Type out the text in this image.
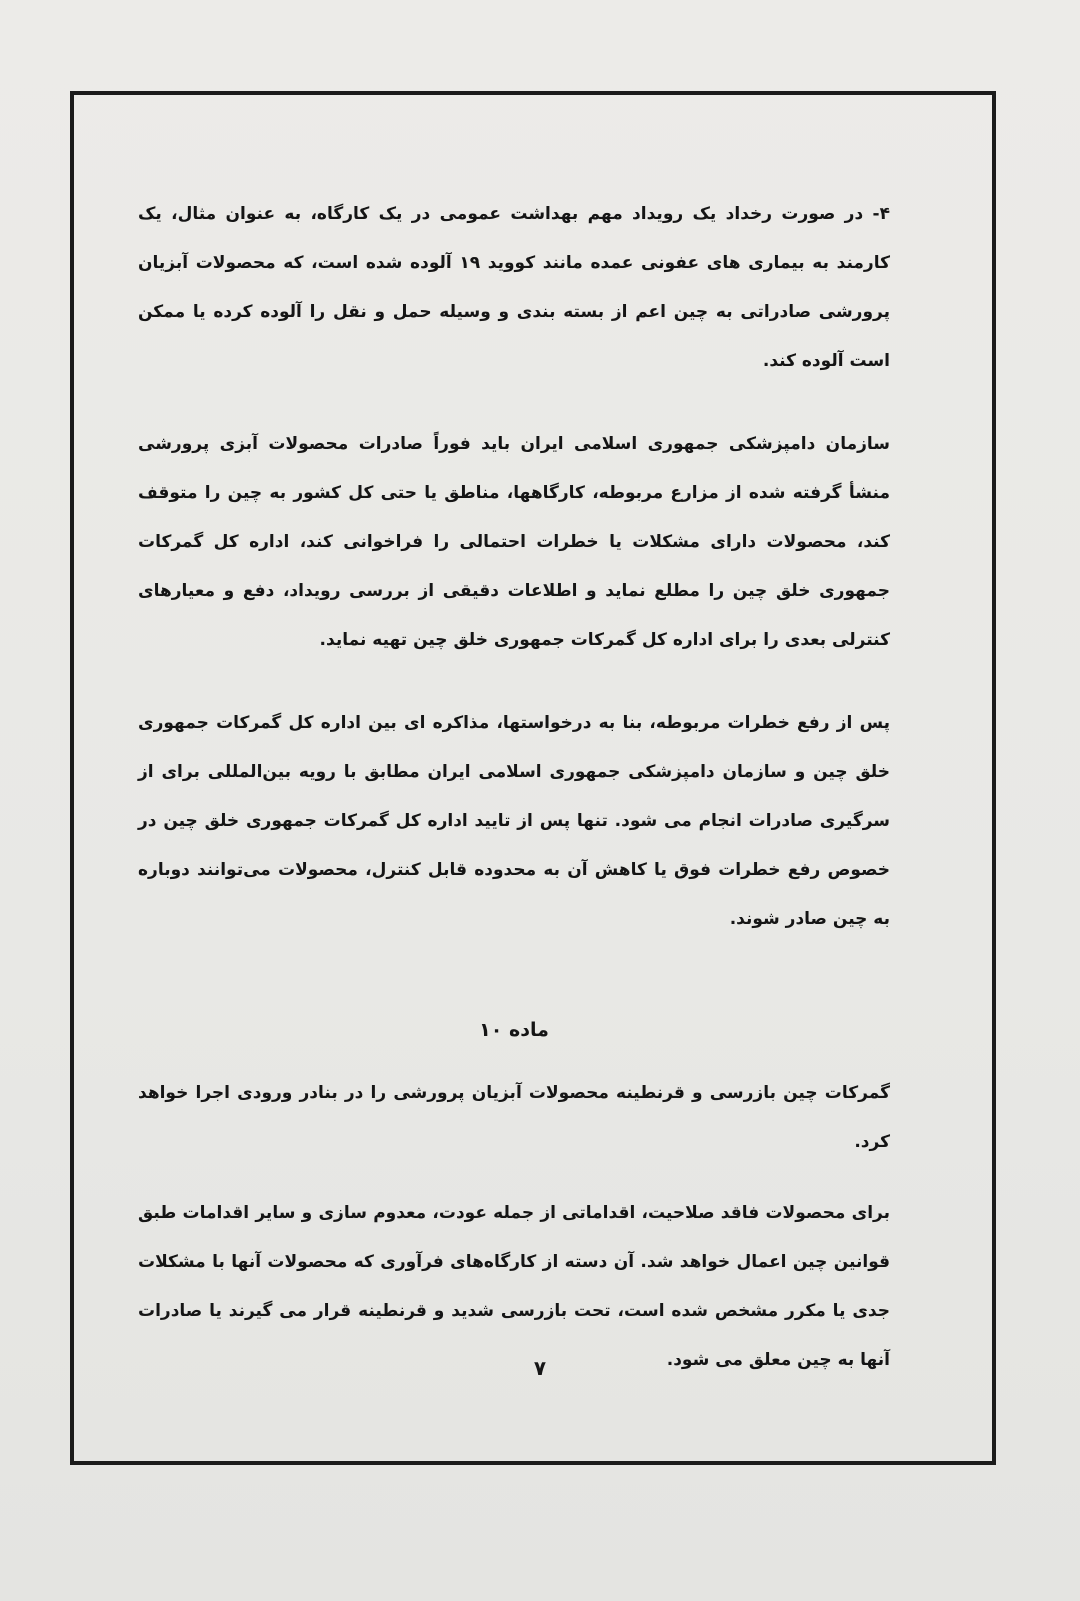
۴- در صورت رخداد یک رویداد مهم بهداشت عمومی در یک کارگاه، به عنوان مثال، یک کارمند به بیماری های عفونی عمده مانند کووید ۱۹ آلوده شده است، که محصولات آبزیان پرورشی صادراتی به چین اعم از بسته بندی و وسیله حمل و نقل را آلوده کرده یا ممکن است آلوده کند.

سازمان دامپزشکی جمهوری اسلامی ایران باید فوراً صادرات محصولات آبزی پرورشی منشأ گرفته شده از مزارع مربوطه، کارگاهها، مناطق یا حتی کل کشور به چین را متوقف کند، محصولات دارای مشکلات یا خطرات احتمالی را فراخوانی کند، اداره کل گمرکات جمهوری خلق چین را مطلع نماید و اطلاعات دقیقی از بررسی رویداد، دفع و معیارهای کنترلی بعدی را برای اداره کل گمرکات جمهوری خلق چین تهیه نماید.

پس از رفع خطرات مربوطه، بنا به درخواستها، مذاکره ای بین اداره کل گمرکات جمهوری خلق چین و سازمان دامپزشکی جمهوری اسلامی ایران مطابق با رویه بین‌المللی برای از سرگیری صادرات انجام می شود. تنها پس از تایید اداره کل گمرکات جمهوری خلق چین در خصوص رفع خطرات فوق یا کاهش آن به محدوده قابل کنترل، محصولات می‌توانند دوباره به چین صادر شوند.

ماده ۱۰

گمرکات چین بازرسی و قرنطینه محصولات آبزیان پرورشی را در بنادر ورودی اجرا خواهد کرد.

برای محصولات فاقد صلاحیت، اقداماتی از جمله عودت، معدوم سازی و سایر اقدامات طبق قوانین چین اعمال خواهد شد. آن دسته از کارگاه‌های فرآوری که محصولات آنها با مشکلات جدی یا مکرر مشخص شده است، تحت بازرسی شدید و قرنطینه قرار می گیرند یا صادرات آنها به چین معلق می شود.

۷
